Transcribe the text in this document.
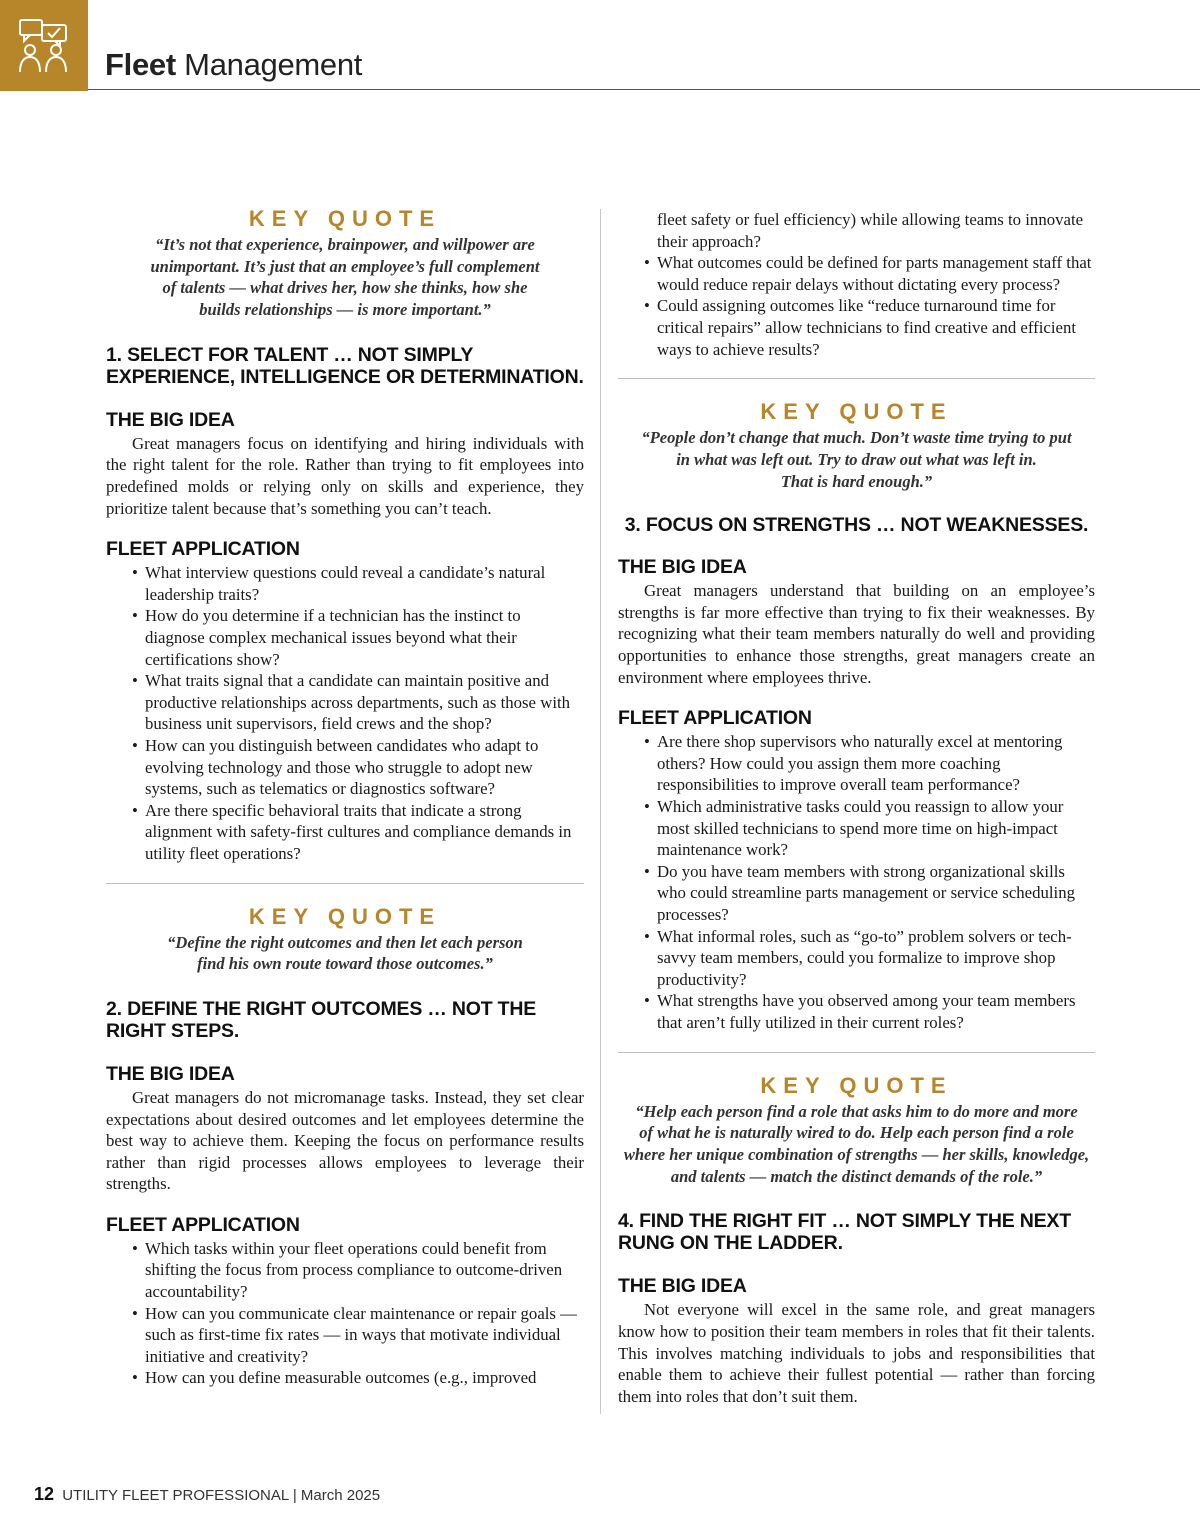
Fleet Management

KEY QUOTE

“It’s not that experience, brainpower, and willpower are
unimportant. It’s just that an employee’s full complement
of talents — what drives her, how she thinks, how she
builds relationships — is more important.”

1. SELECT FOR TALENT … NOT SIMPLY EXPERIENCE, INTELLIGENCE OR DETERMINATION.
THE BIG IDEA

Great managers focus on identifying and hiring individuals with the right talent for the role. Rather than trying to fit employees into predefined molds or relying only on skills and experience, they prioritize talent because that’s something you can’t teach.

FLEET APPLICATION
• What interview questions could reveal a candidate’s natural leadership traits?
• How do you determine if a technician has the instinct to diagnose complex mechanical issues beyond what their certifications show?
• What traits signal that a candidate can maintain positive and productive relationships across departments, such as those with business unit supervisors, field crews and the shop?
• How can you distinguish between candidates who adapt to evolving technology and those who struggle to adopt new systems, such as telematics or diagnostics software?
• Are there specific behavioral traits that indicate a strong alignment with safety-first cultures and compliance demands in utility fleet operations?

KEY QUOTE

“Define the right outcomes and then let each person
find his own route toward those outcomes.”

2. DEFINE THE RIGHT OUTCOMES … NOT THE RIGHT STEPS.
THE BIG IDEA

Great managers do not micromanage tasks. Instead, they set clear expectations about desired outcomes and let employees determine the best way to achieve them. Keeping the focus on performance results rather than rigid processes allows employees to leverage their strengths.

FLEET APPLICATION
• Which tasks within your fleet operations could benefit from shifting the focus from process compliance to outcome-driven accountability?
• How can you communicate clear maintenance or repair goals — such as first-time fix rates — in ways that motivate individual initiative and creativity?
• How can you define measurable outcomes (e.g., improved

fleet safety or fuel efficiency) while allowing teams to innovate their approach?

• What outcomes could be defined for parts management staff that would reduce repair delays without dictating every process?
• Could assigning outcomes like “reduce turnaround time for critical repairs” allow technicians to find creative and efficient ways to achieve results?

KEY QUOTE

“People don’t change that much. Don’t waste time trying to put
in what was left out. Try to draw out what was left in.
That is hard enough.”

3. FOCUS ON STRENGTHS … NOT WEAKNESSES.
THE BIG IDEA

Great managers understand that building on an employee’s strengths is far more effective than trying to fix their weaknesses. By recognizing what their team members naturally do well and providing opportunities to enhance those strengths, great managers create an environment where employees thrive.

FLEET APPLICATION
• Are there shop supervisors who naturally excel at mentoring others? How could you assign them more coaching responsibilities to improve overall team performance?
• Which administrative tasks could you reassign to allow your most skilled technicians to spend more time on high-impact maintenance work?
• Do you have team members with strong organizational skills who could streamline parts management or service scheduling processes?
• What informal roles, such as “go-to” problem solvers or tech-savvy team members, could you formalize to improve shop productivity?
• What strengths have you observed among your team members that aren’t fully utilized in their current roles?

KEY QUOTE

“Help each person find a role that asks him to do more and more
of what he is naturally wired to do. Help each person find a role
where her unique combination of strengths — her skills, knowledge,
and talents — match the distinct demands of the role.”

4. FIND THE RIGHT FIT … NOT SIMPLY THE NEXT RUNG ON THE LADDER.
THE BIG IDEA

Not everyone will excel in the same role, and great managers know how to position their team members in roles that fit their talents. This involves matching individuals to jobs and responsibilities that enable them to achieve their fullest potential — rather than forcing them into roles that don’t suit them.

12 UTILITY FLEET PROFESSIONAL | March 2025
